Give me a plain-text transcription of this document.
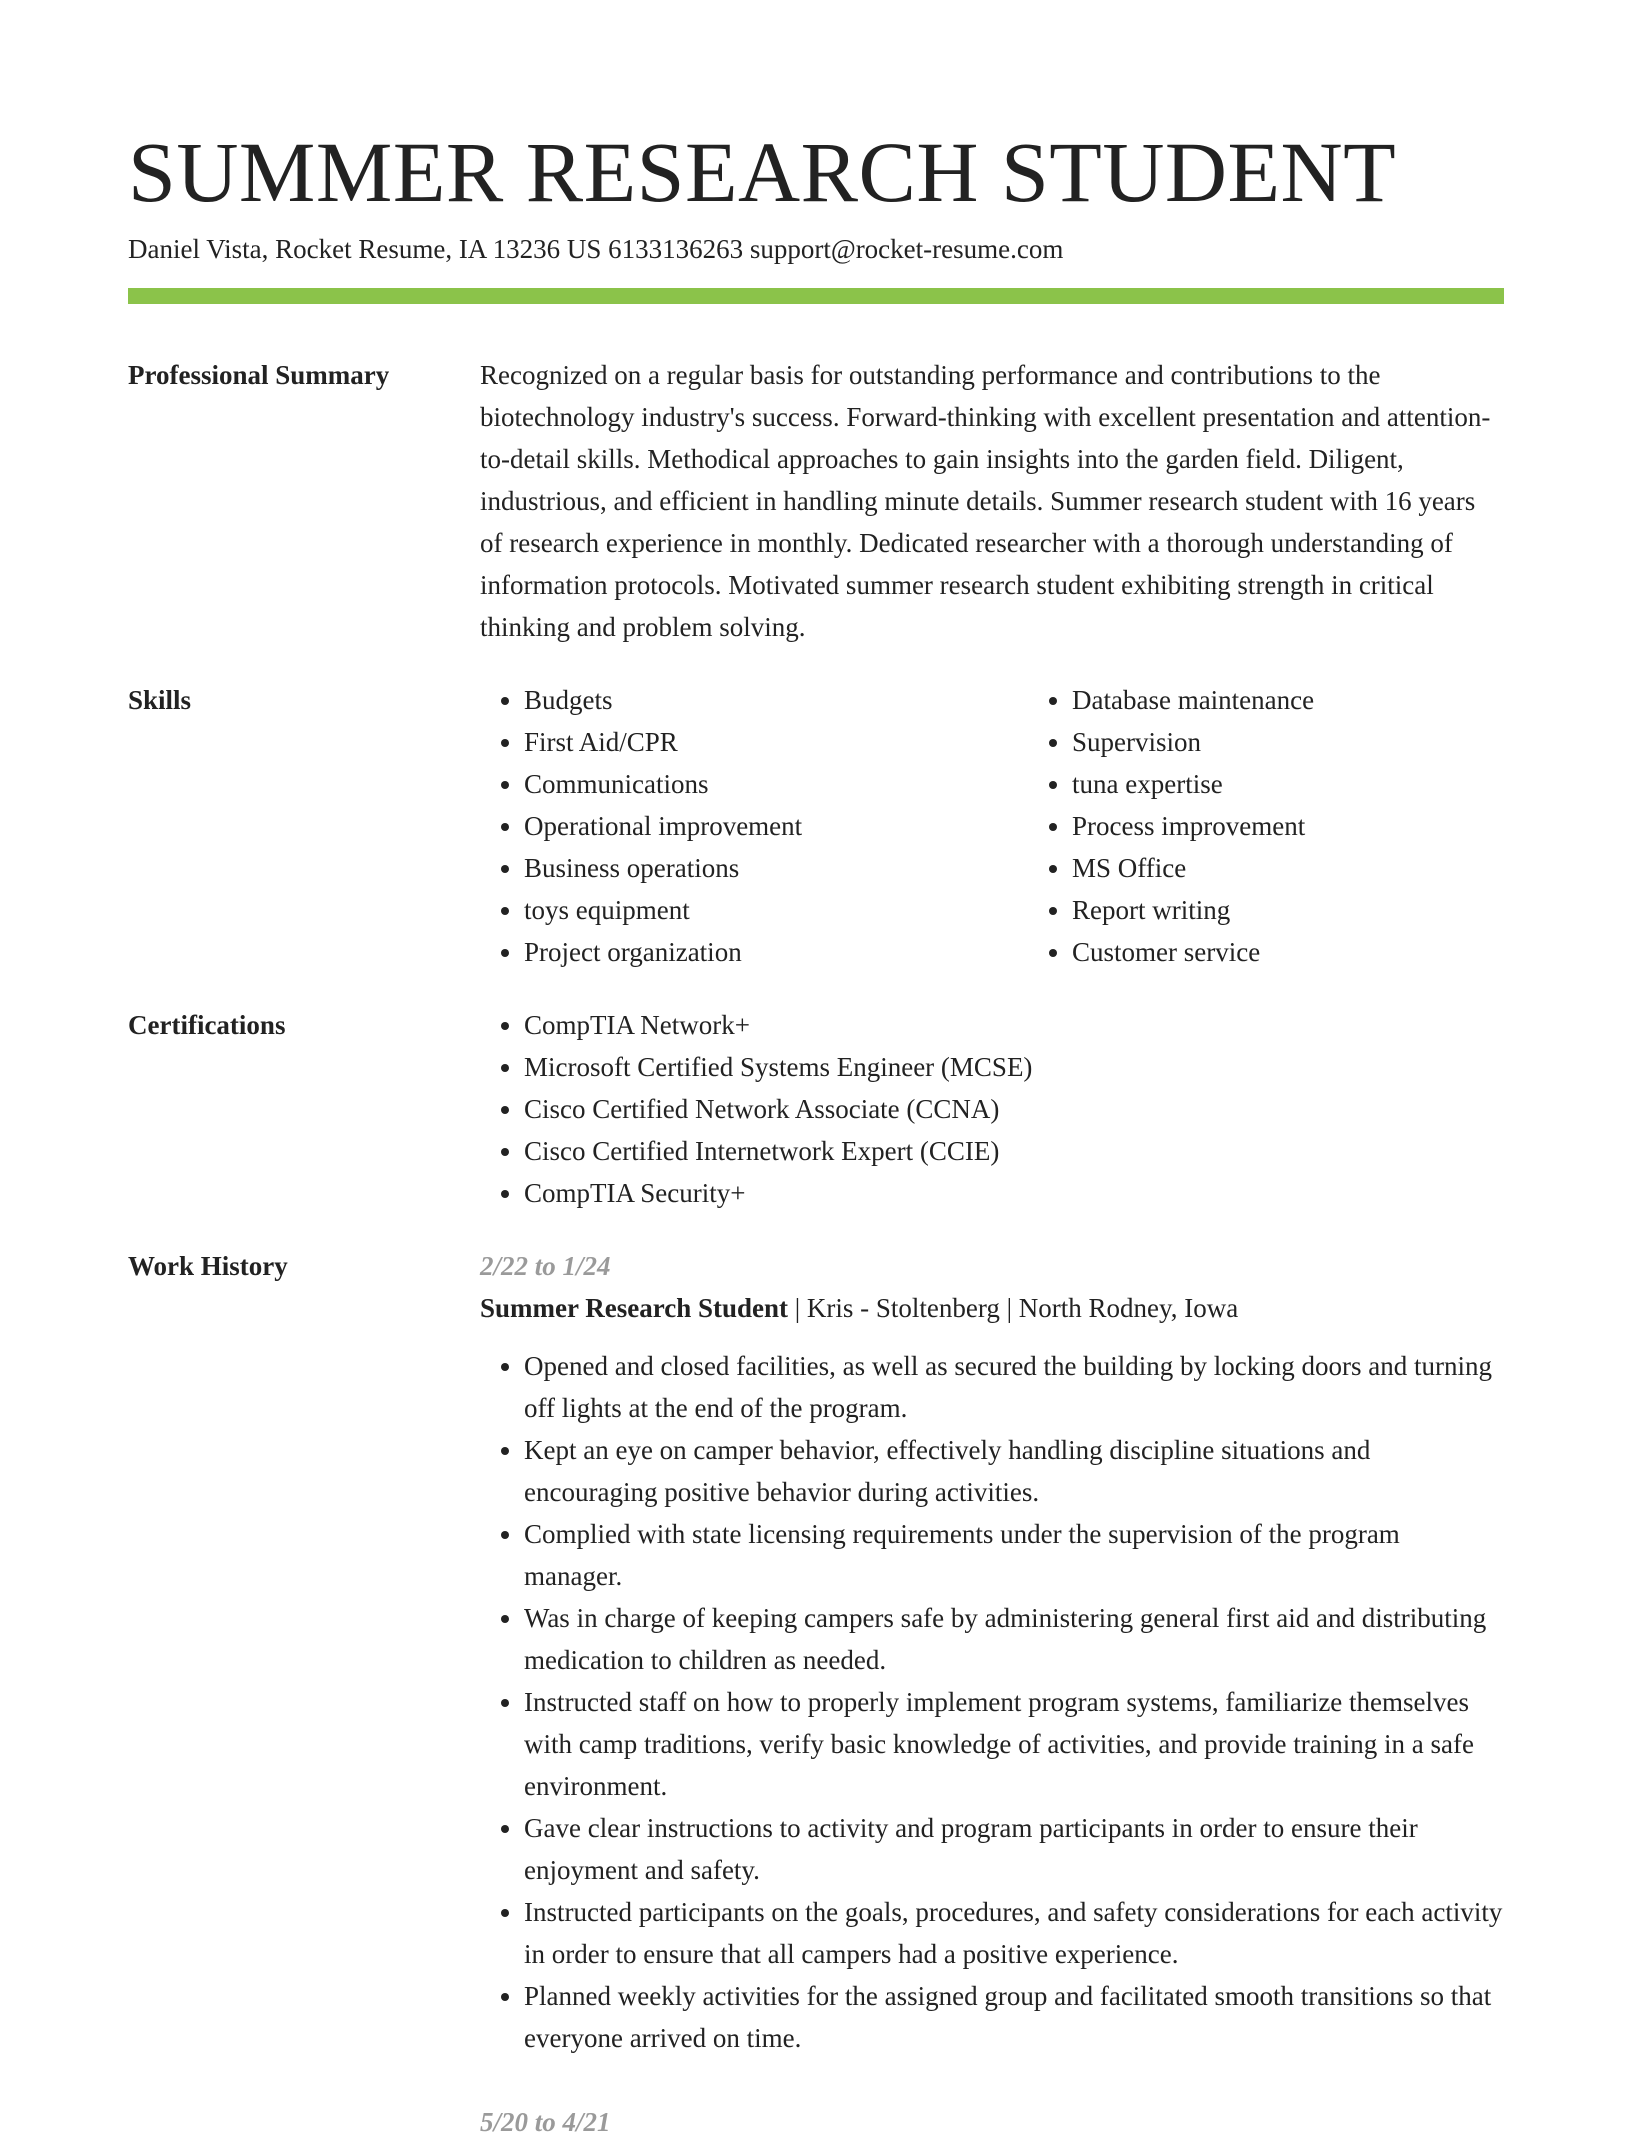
SUMMER RESEARCH STUDENT
Daniel Vista, Rocket Resume, IA 13236 US 6133136263 support@rocket-resume.com
Professional Summary	Recognized on a regular basis for outstanding performance and contributions to the biotechnology industry's success. Forward-thinking with excellent presentation and attention-to-detail skills. Methodical approaches to gain insights into the garden field. Diligent, industrious, and efficient in handling minute details. Summer research student with 16 years of research experience in monthly. Dedicated researcher with a thorough understanding of information protocols. Motivated summer research student exhibiting strength in critical thinking and problem solving.

Skills	• Budgets
• First Aid/CPR
• Communications
• Operational improvement
• Business operations
• toys equipment
• Project organization
• Database maintenance
• Supervision
• tuna expertise
• Process improvement
• MS Office
• Report writing
• Customer service
Certifications	• CompTIA Network+
• Microsoft Certified Systems Engineer (MCSE)
• Cisco Certified Network Associate (CCNA)
• Cisco Certified Internetwork Expert (CCIE)
• CompTIA Security+
Work History	2/22 to 1/24
Summer Research Student | Kris - Stoltenberg | North Rodney, Iowa
• Opened and closed facilities, as well as secured the building by locking doors and turning off lights at the end of the program.
• Kept an eye on camper behavior, effectively handling discipline situations and encouraging positive behavior during activities.
• Complied with state licensing requirements under the supervision of the program manager.
• Was in charge of keeping campers safe by administering general first aid and distributing medication to children as needed.
• Instructed staff on how to properly implement program systems, familiarize themselves with camp traditions, verify basic knowledge of activities, and provide training in a safe environment.
• Gave clear instructions to activity and program participants in order to ensure their enjoyment and safety.
• Instructed participants on the goals, procedures, and safety considerations for each activity in order to ensure that all campers had a positive experience.
• Planned weekly activities for the assigned group and facilitated smooth transitions so that everyone arrived on time.
5/20 to 4/21
